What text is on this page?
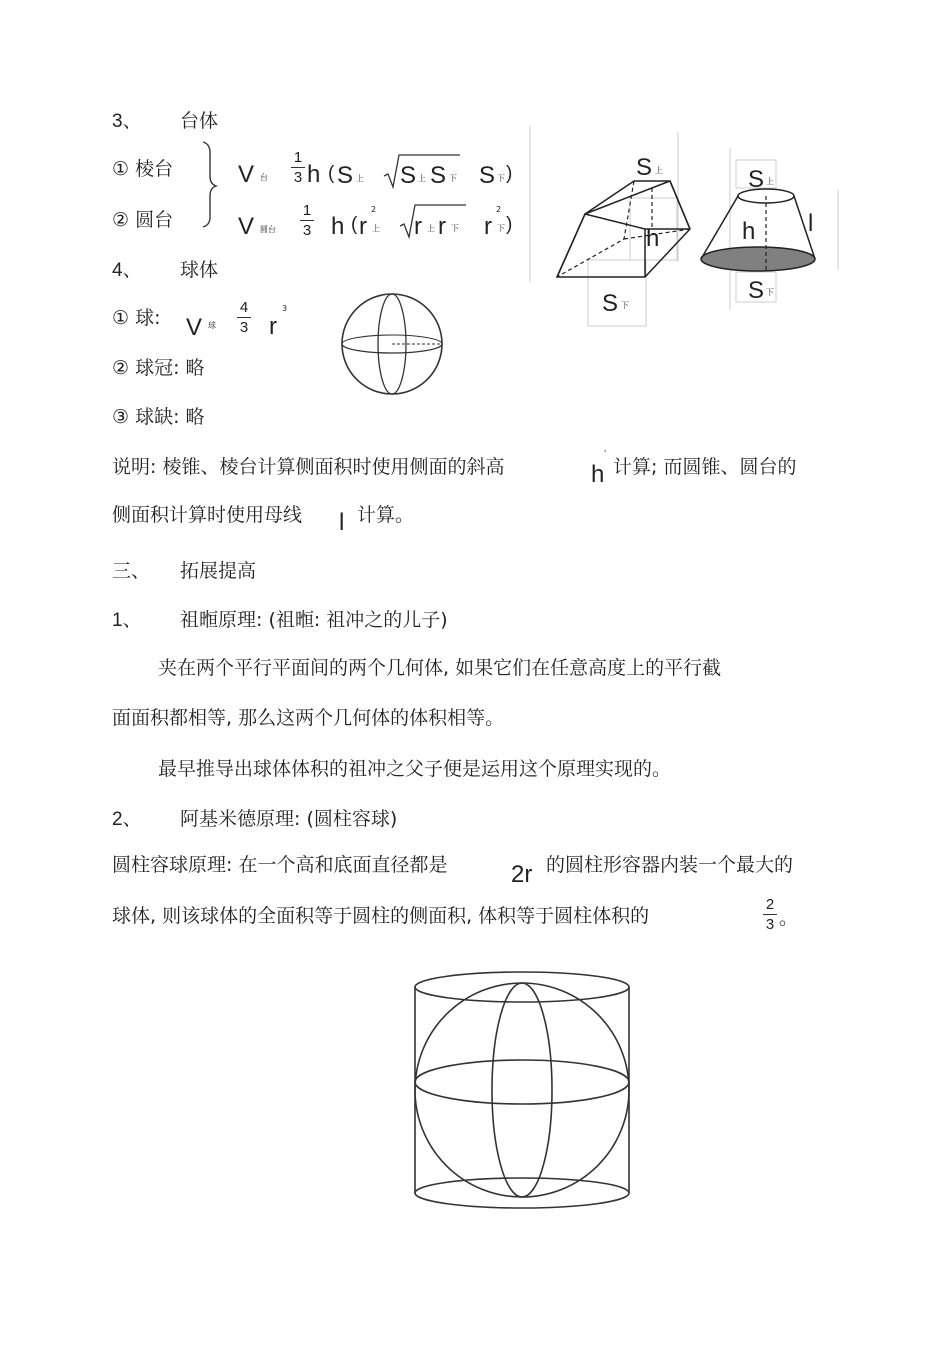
3、 台体
① 棱台
② 圆台
V 台
1
3 h ( S 上 S 上 S 下 S 下 )
V 圆台
1
3 h ( r
2
上 r 上 r 下 r
2
下 )
4、 球体
① 球: V 球
4
3 r
3
② 球冠: 略
③ 球缺: 略
S 上
h
S 下
S 上
h l
S 下
说明: 棱锥、棱台计算侧面积时使用侧面的斜高	h
'
计算; 而圆锥、圆台的
侧面积计算时使用母线 l 计算。
三、 拓展提高
1、 祖暅原理: (祖暅: 祖冲之的儿子)
夹在两个平行平面间的两个几何体, 如果它们在任意高度上的平行截
面面积都相等, 那么这两个几何体的体积相等。
最早推导出球体体积的祖冲之父子便是运用这个原理实现的。
2、 阿基米德原理: (圆柱容球)
圆柱容球原理: 在一个高和底面直径都是	2r 的圆柱形容器内装一个最大的
球体, 则该球体的全面积等于圆柱的侧面积, 体积等于圆柱体积的
2
3 。
